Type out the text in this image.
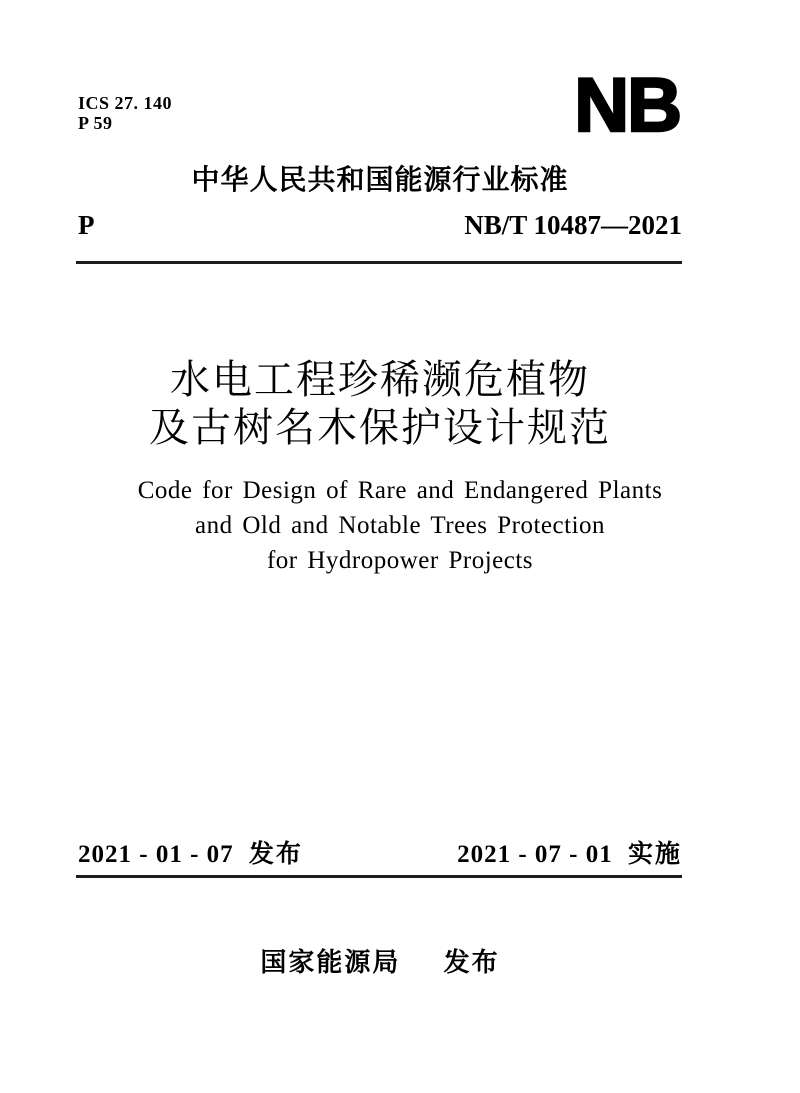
ICS 27. 140
P 59	NB
中华人民共和国能源行业标准
P	NB/T 10487—2021
水电工程珍稀濒危植物
及古树名木保护设计规范
Code for Design of Rare and Endangered Plants
and Old and Notable Trees Protection
for Hydropower Projects
2021 - 01 - 07 发布	2021 - 07 - 01 实施
国家能源局 发布
